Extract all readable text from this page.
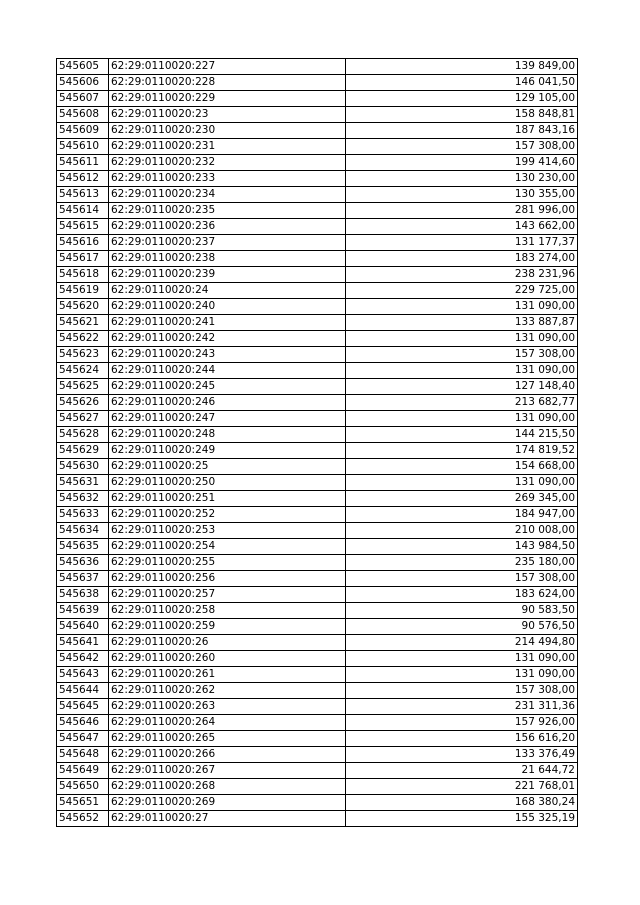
545605	62:29:0110020:227	139 849,00
545606	62:29:0110020:228	146 041,50
545607	62:29:0110020:229	129 105,00
545608	62:29:0110020:23	158 848,81
545609	62:29:0110020:230	187 843,16
545610	62:29:0110020:231	157 308,00
545611	62:29:0110020:232	199 414,60
545612	62:29:0110020:233	130 230,00
545613	62:29:0110020:234	130 355,00
545614	62:29:0110020:235	281 996,00
545615	62:29:0110020:236	143 662,00
545616	62:29:0110020:237	131 177,37
545617	62:29:0110020:238	183 274,00
545618	62:29:0110020:239	238 231,96
545619	62:29:0110020:24	229 725,00
545620	62:29:0110020:240	131 090,00
545621	62:29:0110020:241	133 887,87
545622	62:29:0110020:242	131 090,00
545623	62:29:0110020:243	157 308,00
545624	62:29:0110020:244	131 090,00
545625	62:29:0110020:245	127 148,40
545626	62:29:0110020:246	213 682,77
545627	62:29:0110020:247	131 090,00
545628	62:29:0110020:248	144 215,50
545629	62:29:0110020:249	174 819,52
545630	62:29:0110020:25	154 668,00
545631	62:29:0110020:250	131 090,00
545632	62:29:0110020:251	269 345,00
545633	62:29:0110020:252	184 947,00
545634	62:29:0110020:253	210 008,00
545635	62:29:0110020:254	143 984,50
545636	62:29:0110020:255	235 180,00
545637	62:29:0110020:256	157 308,00
545638	62:29:0110020:257	183 624,00
545639	62:29:0110020:258	90 583,50
545640	62:29:0110020:259	90 576,50
545641	62:29:0110020:26	214 494,80
545642	62:29:0110020:260	131 090,00
545643	62:29:0110020:261	131 090,00
545644	62:29:0110020:262	157 308,00
545645	62:29:0110020:263	231 311,36
545646	62:29:0110020:264	157 926,00
545647	62:29:0110020:265	156 616,20
545648	62:29:0110020:266	133 376,49
545649	62:29:0110020:267	21 644,72
545650	62:29:0110020:268	221 768,01
545651	62:29:0110020:269	168 380,24
545652	62:29:0110020:27	155 325,19
